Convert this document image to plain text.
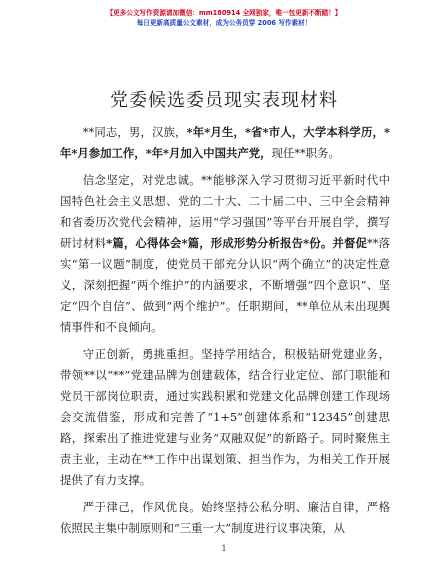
【更多公文写作资源请加微信：mm180914 全网独家，唯一包更新不断踏！】
每日更新高质量公文素材，成为公务员穿 2006 写作素材！
党委候选委员现实表现材料

**同志，男，汉族，*年*月生，*省*市人，大学本科学历，*年*月参加工作，*年*月加入中国共产党，现任**职务。

信念坚定，对党忠诚。**能够深入学习贯彻习近平新时代中国特色社会主义思想、党的二十大、二十届二中、三中全会精神和省委历次党代会精神，运用“学习强国”等平台开展自学，撰写研讨材料*篇，心得体会*篇，形成形势分析报告*份。并督促**落实“第一议题”制度，使党员干部充分认识“两个确立”的决定性意义，深刻把握“两个维护”的内涵要求，不断增强“四个意识”、坚定“四个自信”、做到“两个维护”。任职期间，**单位从未出现舆情事件和不良倾向。

守正创新，勇挑重担。坚持学用结合，积极钻研党建业务，带领**以“**”党建品牌为创建载体，结合行业定位、部门职能和党员干部岗位职责，通过实践积累和党建文化品牌创建工作现场会交流借鉴，形成和完善了“1+5”创建体系和“12345”创建思路，探索出了推进党建与业务“双融双促”的新路子。同时聚焦主责主业，主动在**工作中出谋划策、担当作为，为相关工作开展提供了有力支撑。

严于律己，作风优良。始终坚持公私分明、廉洁自律，严格依照民主集中制原则和“三重一大”制度进行议事决策，从

1
